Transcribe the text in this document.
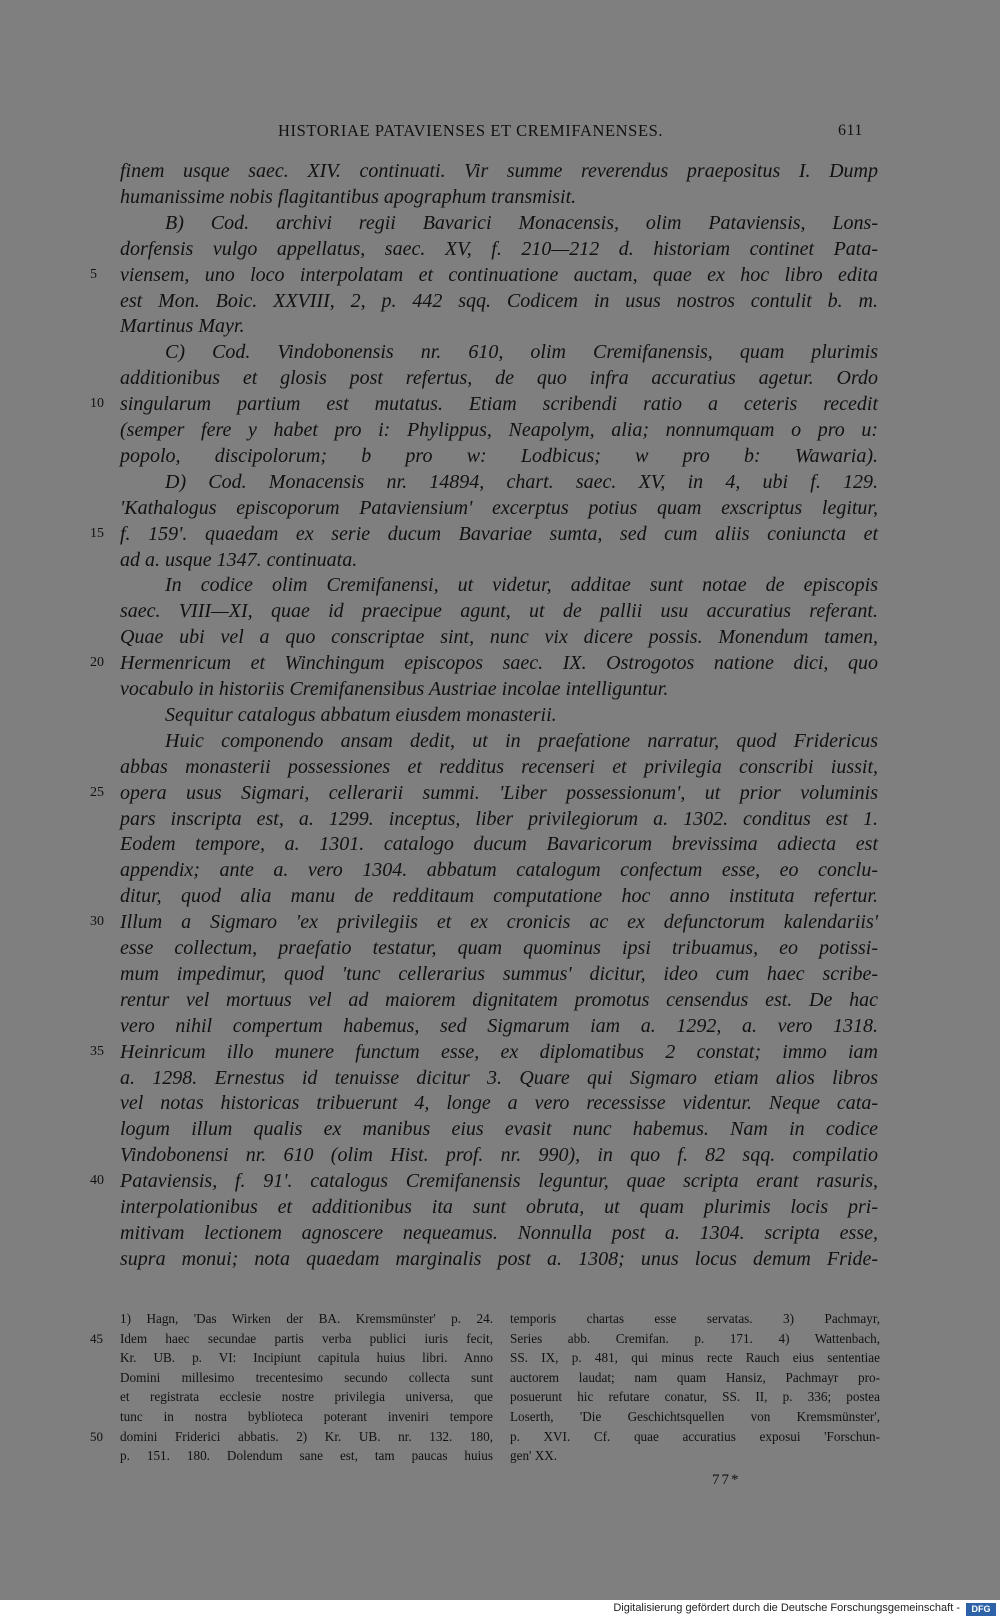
HISTORIAE PATAVIENSES ET CREMIFANENSES.	611
finem usque saec. XIV. continuati. Vir summe reverendus praepositus I. Dump
humanissime nobis flagitantibus apographum transmisit.
B) Cod. archivi regii Bavarici Monacensis, olim Pataviensis, Lons-
dorfensis vulgo appellatus, saec. XV, f. 210—212 d. historiam continet Pata-
viensem, uno loco interpolatam et continuatione auctam, quae ex hoc libro edita
5
est Mon. Boic. XXVIII, 2, p. 442 sqq. Codicem in usus nostros contulit b. m.
Martinus Mayr.
C) Cod. Vindobonensis nr. 610, olim Cremifanensis, quam plurimis
additionibus et glosis post refertus, de quo infra accuratius agetur. Ordo
singularum partium est mutatus. Etiam scribendi ratio a ceteris recedit
10
(semper fere y habet pro i: Phylippus, Neapolym, alia; nonnumquam o pro u:
popolo, discipolorum; b pro w: Lodbicus; w pro b: Wawaria).
D) Cod. Monacensis nr. 14894, chart. saec. XV, in 4, ubi f. 129.
'Kathalogus episcoporum Pataviensium' excerptus potius quam exscriptus legitur,
f. 159'. quaedam ex serie ducum Bavariae sumta, sed cum aliis coniuncta et
15
ad a. usque 1347. continuata.
In codice olim Cremifanensi, ut videtur, additae sunt notae de episcopis
saec. VIII—XI, quae id praecipue agunt, ut de pallii usu accuratius referant.
Quae ubi vel a quo conscriptae sint, nunc vix dicere possis. Monendum tamen,
Hermenricum et Winchingum episcopos saec. IX. Ostrogotos natione dici, quo
20
vocabulo in historiis Cremifanensibus Austriae incolae intelliguntur.
Sequitur catalogus abbatum eiusdem monasterii.
Huic componendo ansam dedit, ut in praefatione narratur, quod Fridericus
abbas monasterii possessiones et redditus recenseri et privilegia conscribi iussit,
opera usus Sigmari, cellerarii summi. 'Liber possessionum', ut prior voluminis
25
pars inscripta est, a. 1299. inceptus, liber privilegiorum a. 1302. conditus est 1.
Eodem tempore, a. 1301. catalogo ducum Bavaricorum brevissima adiecta est
appendix; ante a. vero 1304. abbatum catalogum confectum esse, eo conclu-
ditur, quod alia manu de redditaum computatione hoc anno instituta refertur.
Illum a Sigmaro 'ex privilegiis et ex cronicis ac ex defunctorum kalendariis'
30
esse collectum, praefatio testatur, quam quominus ipsi tribuamus, eo potissi-
mum impedimur, quod 'tunc cellerarius summus' dicitur, ideo cum haec scribe-
rentur vel mortuus vel ad maiorem dignitatem promotus censendus est. De hac
vero nihil compertum habemus, sed Sigmarum iam a. 1292, a. vero 1318.
Heinricum illo munere functum esse, ex diplomatibus 2 constat; immo iam
35
a. 1298. Ernestus id tenuisse dicitur 3. Quare qui Sigmaro etiam alios libros
vel notas historicas tribuerunt 4, longe a vero recessisse videntur. Neque cata-
logum illum qualis ex manibus eius evasit nunc habemus. Nam in codice
Vindobonensi nr. 610 (olim Hist. prof. nr. 990), in quo f. 82 sqq. compilatio
Pataviensis, f. 91'. catalogus Cremifanensis leguntur, quae scripta erant rasuris,
40
interpolationibus et additionibus ita sunt obruta, ut quam plurimis locis pri-
mitivam lectionem agnoscere nequeamus. Nonnulla post a. 1304. scripta esse,
supra monui; nota quaedam marginalis post a. 1308; unus locus demum Fride-
1) Hagn, 'Das Wirken der BA. Kremsmünster' p. 24.
Idem haec secundae partis verba publici iuris fecit,
45
Kr. UB. p. VI: Incipiunt capitula huius libri. Anno
Domini millesimo trecentesimo secundo collecta sunt
et registrata ecclesie nostre privilegia universa, que
tunc in nostra byblioteca poterant inveniri tempore
domini Friderici abbatis. 2) Kr. UB. nr. 132. 180,
50
p. 151. 180. Dolendum sane est, tam paucas huius
temporis chartas esse servatas. 3) Pachmayr,
Series abb. Cremifan. p. 171. 4) Wattenbach,
SS. IX, p. 481, qui minus recte Rauch eius sententiae
auctorem laudat; nam quam Hansiz, Pachmayr pro-
posuerunt hic refutare conatur, SS. II, p. 336; postea
Loserth, 'Die Geschichtsquellen von Kremsmünster',
p. XVI. Cf. quae accuratius exposui 'Forschun-
gen' XX.
77*
Digitalisierung gefördert durch die Deutsche Forschungsgemeinschaft -	DFG
